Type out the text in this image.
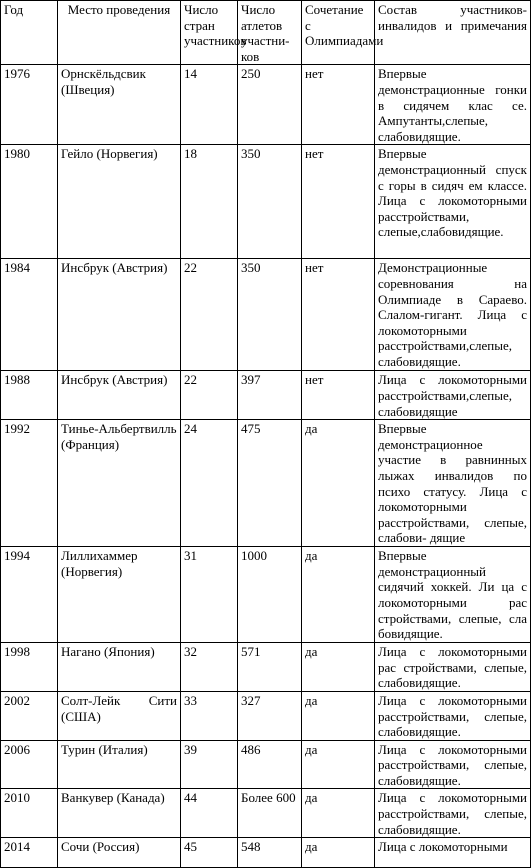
Год	Место проведения	Число стран участников	Число атлетов участни-ков	Сочетание с Олимпиадами	Состав участников-инвалидов и примечания
1976	Орнскёльдсвик (Швеция)	14	250	нет	Впервые демонстрационные гонки в сидячем клас се. Ампутанты,слепые, слабовидящие.
1980	Гейло (Норвегия)	18	350	нет	Впервые демонстрационный спуск с горы в сидяч ем классе. Лица с локомоторными расстройствами, слепые,слабовидящие.
1984	Инсбрук (Австрия)	22	350	нет	Демонстрационные соревнования на Олимпиаде в Сараево. Слалом-гигант. Лица с локомоторными расстройствами,слепые, слабовидящие.
1988	Инсбрук (Австрия)	22	397	нет	Лица с локомоторными расстройствами,слепые, слабовидящие
1992	Тинье-Альбертвилль (Франция)	24	475	да	Впервые демонстрационное участие в равнинных лыжах инвалидов по психо статусу. Лица с локомоторными расстройствами, слепые, слабови- дящие
1994	Лиллихаммер (Норвегия)	31	1000	да	Впервые демонстрационный сидячий хоккей. Ли ца с локомоторными рас стройствами, слепые, сла бовидящие.
1998	Нагано (Япония)	32	571	да	Лица с локомоторными рас стройствами, слепые, слабовидящие.
2002	Солт-Лейк Сити (США)	33	327	да	Лица с локомоторными расстройствами, слепые, слабовидящие.
2006	Турин (Италия)	39	486	да	Лица с локомоторными расстройствами, слепые, слабовидящие.
2010	Ванкувер (Канада)	44	Более 600	да	Лица с локомоторными расстройствами, слепые, слабовидящие.
2014	Сочи (Россия)	45	548	да	Лица с локомоторными
